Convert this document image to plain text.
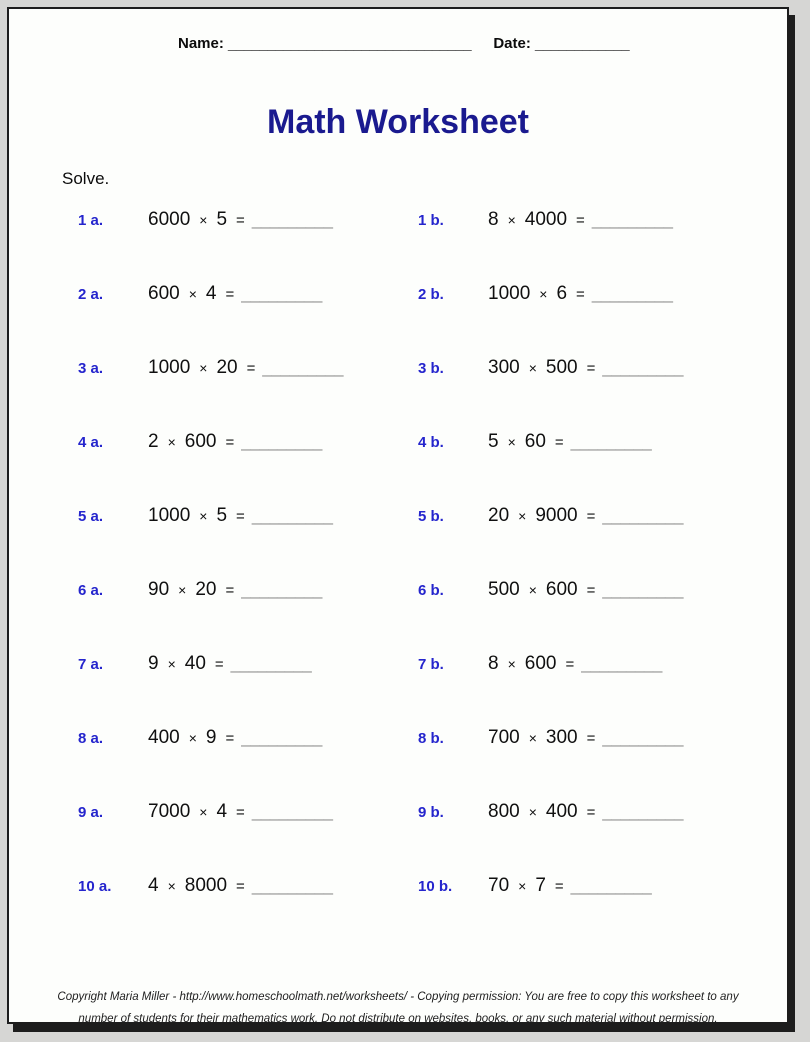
Name: _______________________________ Date: ____________
Math Worksheet
Solve.
1 a.	6000 × 5 = _________	1 b.	8 × 4000 = _________
2 a.	600 × 4 = _________	2 b.	1000 × 6 = _________
3 a.	1000 × 20 = _________	3 b.	300 × 500 = _________
4 a.	2 × 600 = _________	4 b.	5 × 60 = _________
5 a.	1000 × 5 = _________	5 b.	20 × 9000 = _________
6 a.	90 × 20 = _________	6 b.	500 × 600 = _________
7 a.	9 × 40 = _________	7 b.	8 × 600 = _________
8 a.	400 × 9 = _________	8 b.	700 × 300 = _________
9 a.	7000 × 4 = _________	9 b.	800 × 400 = _________
10 a.	4 × 8000 = _________	10 b.	70 × 7 = _________
Copyright Maria Miller - http://www.homeschoolmath.net/worksheets/ - Copying permission: You are free to copy this worksheet to any
number of students for their mathematics work. Do not distribute on websites, books, or any such material without permission.
